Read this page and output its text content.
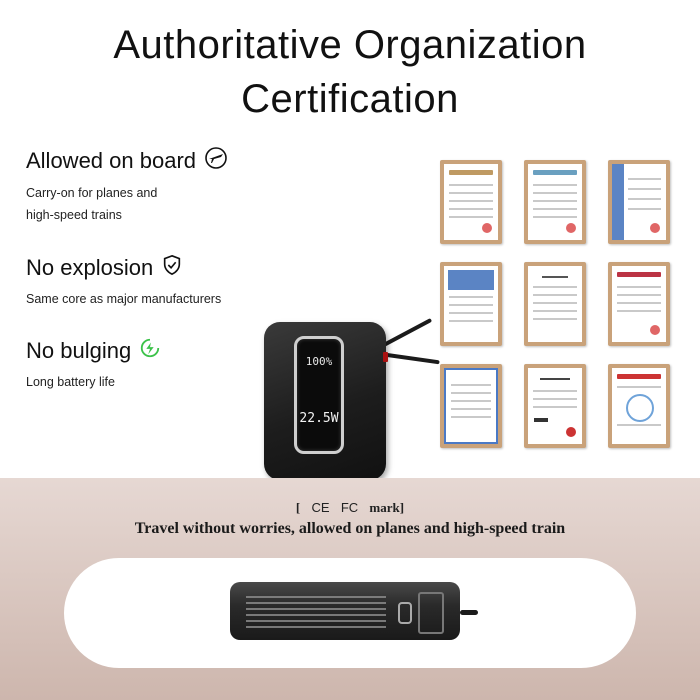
Authoritative Organization
Certification
Allowed on board
Carry-on for planes and
high-speed trains
No explosion
Same core as major manufacturers
No bulging
Long battery life
100%
22.5W
[ CE FC mark]
Travel without worries, allowed on planes and high-speed train
